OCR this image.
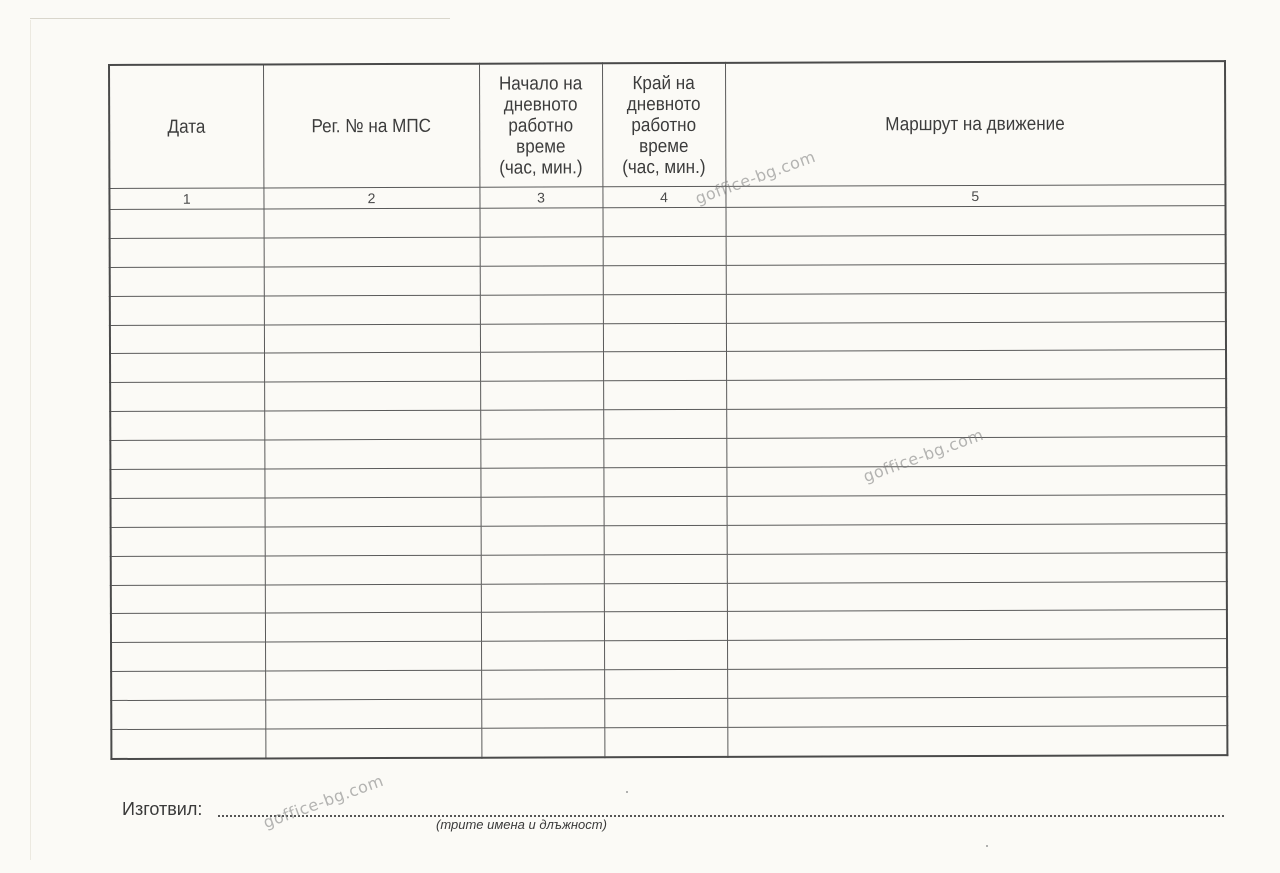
Дата	Рег. № на МПС	Начало на
дневното
работно
време
(час, мин.)	Край на
дневното
работно
време
(час, мин.)	Маршрут на движение
1	2	3	4	5

Изготвил:
(трите имена и длъжност)
goffice-bg.com
goffice-bg.com
goffice-bg.com
